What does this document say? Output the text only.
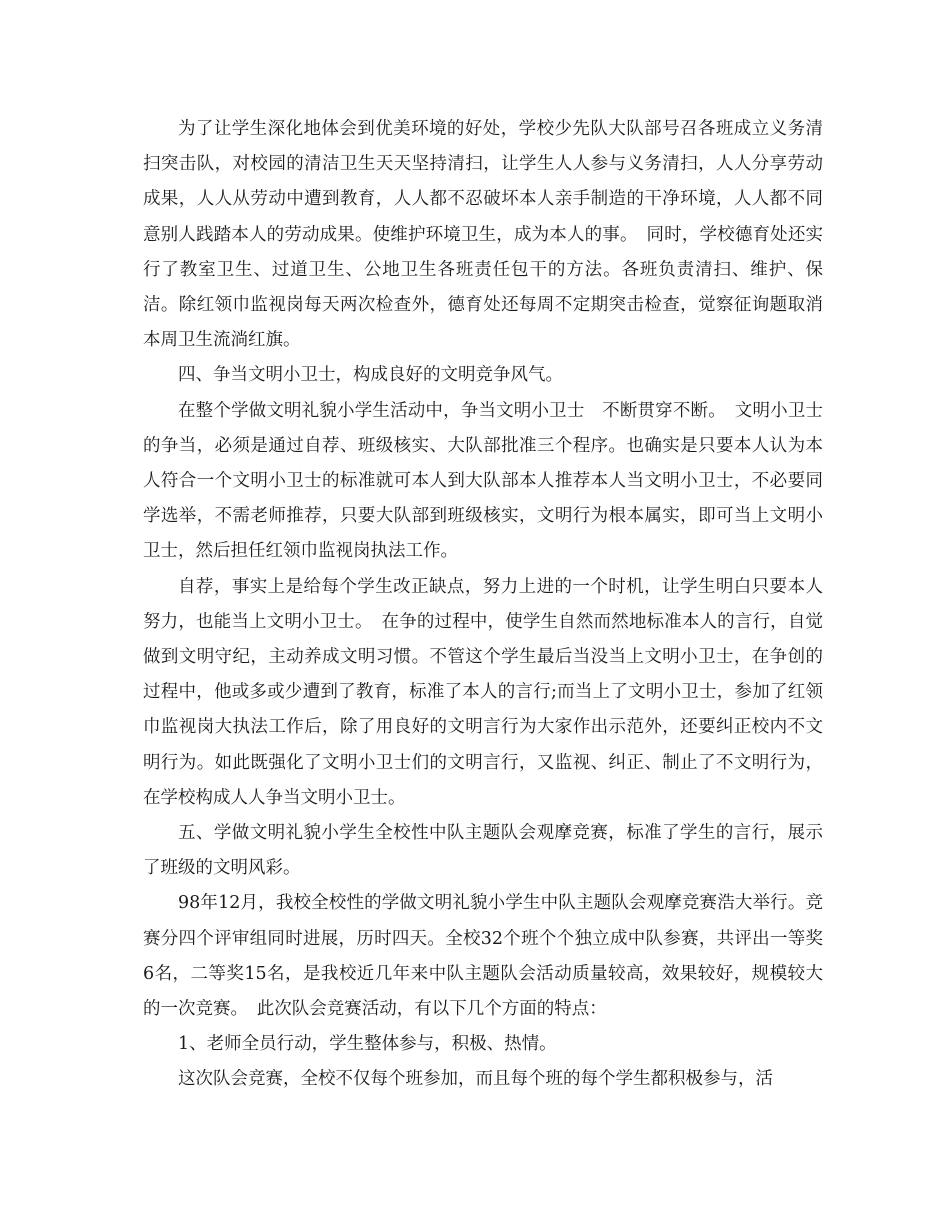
为了让学生深化地体会到优美环境的好处，学校少先队大队部号召各班成立义务清扫突击队，对校园的清洁卫生天天坚持清扫，让学生人人参与义务清扫，人人分享劳动成果，人人从劳动中遭到教育，人人都不忍破坏本人亲手制造的干净环境，人人都不同意别人践踏本人的劳动成果。使维护环境卫生，成为本人的事。　同时，学校德育处还实行了教室卫生、过道卫生、公地卫生各班责任包干的方法。各班负责清扫、维护、保洁。除红领巾监视岗每天两次检查外，德育处还每周不定期突击检查，觉察征询题取消本周卫生流淌红旗。

四、争当文明小卫士，构成良好的文明竞争风气。

在整个学做文明礼貌小学生活动中，争当文明小卫士　不断贯穿不断。　文明小卫士的争当，必须是通过自荐、班级核实、大队部批准三个程序。也确实是只要本人认为本人符合一个文明小卫士的标准就可本人到大队部本人推荐本人当文明小卫士，不必要同学选举，不需老师推荐，只要大队部到班级核实，文明行为根本属实，即可当上文明小卫士，然后担任红领巾监视岗执法工作。

自荐，事实上是给每个学生改正缺点，努力上进的一个时机，让学生明白只要本人努力，也能当上文明小卫士。　在争的过程中，使学生自然而然地标准本人的言行，自觉做到文明守纪，主动养成文明习惯。不管这个学生最后当没当上文明小卫士，在争创的过程中，他或多或少遭到了教育，标准了本人的言行;而当上了文明小卫士，参加了红领巾监视岗大执法工作后，除了用良好的文明言行为大家作出示范外，还要纠正校内不文明行为。如此既强化了文明小卫士们的文明言行，又监视、纠正、制止了不文明行为，在学校构成人人争当文明小卫士。

五、学做文明礼貌小学生全校性中队主题队会观摩竞赛，标准了学生的言行，展示了班级的文明风彩。

98年12月，我校全校性的学做文明礼貌小学生中队主题队会观摩竞赛浩大举行。竞赛分四个评审组同时进展，历时四天。全校32个班个个独立成中队参赛，共评出一等奖6名，二等奖15名，是我校近几年来中队主题队会活动质量较高，效果较好，规模较大的一次竞赛。　此次队会竞赛活动，有以下几个方面的特点：

1、老师全员行动，学生整体参与，积极、热情。

这次队会竞赛，全校不仅每个班参加，而且每个班的每个学生都积极参与，活
